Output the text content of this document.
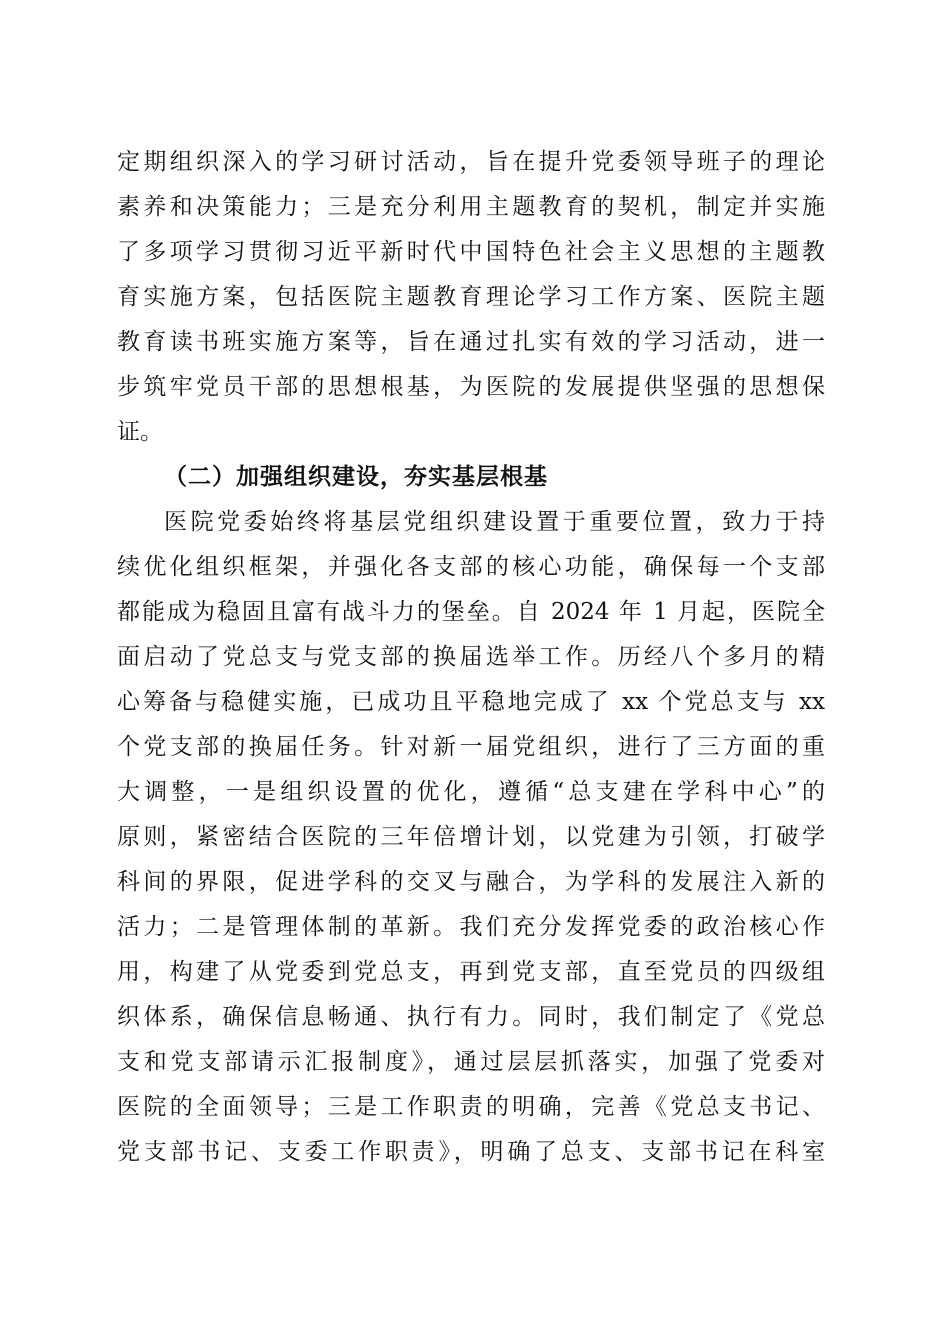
定期组织深入的学习研讨活动，旨在提升党委领导班子的理论
素养和决策能力；三是充分利用主题教育的契机，制定并实施
了多项学习贯彻习近平新时代中国特色社会主义思想的主题教
育实施方案，包括医院主题教育理论学习工作方案、医院主题
教育读书班实施方案等，旨在通过扎实有效的学习活动，进一
步筑牢党员干部的思想根基，为医院的发展提供坚强的思想保
证。
（二）加强组织建设，夯实基层根基
医院党委始终将基层党组织建设置于重要位置，致力于持
续优化组织框架，并强化各支部的核心功能，确保每一个支部
都能成为稳固且富有战斗力的堡垒。自 2024 年 1 月起，医院全
面启动了党总支与党支部的换届选举工作。历经八个多月的精
心筹备与稳健实施，已成功且平稳地完成了 xx 个党总支与 xx
个党支部的换届任务。针对新一届党组织，进行了三方面的重
大调整，一是组织设置的优化，遵循“总支建在学科中心”的
原则，紧密结合医院的三年倍增计划，以党建为引领，打破学
科间的界限，促进学科的交叉与融合，为学科的发展注入新的
活力；二是管理体制的革新。我们充分发挥党委的政治核心作
用，构建了从党委到党总支，再到党支部，直至党员的四级组
织体系，确保信息畅通、执行有力。同时，我们制定了《党总
支和党支部请示汇报制度》，通过层层抓落实，加强了党委对
医院的全面领导；三是工作职责的明确，完善《党总支书记、
党支部书记、支委工作职责》，明确了总支、支部书记在科室
